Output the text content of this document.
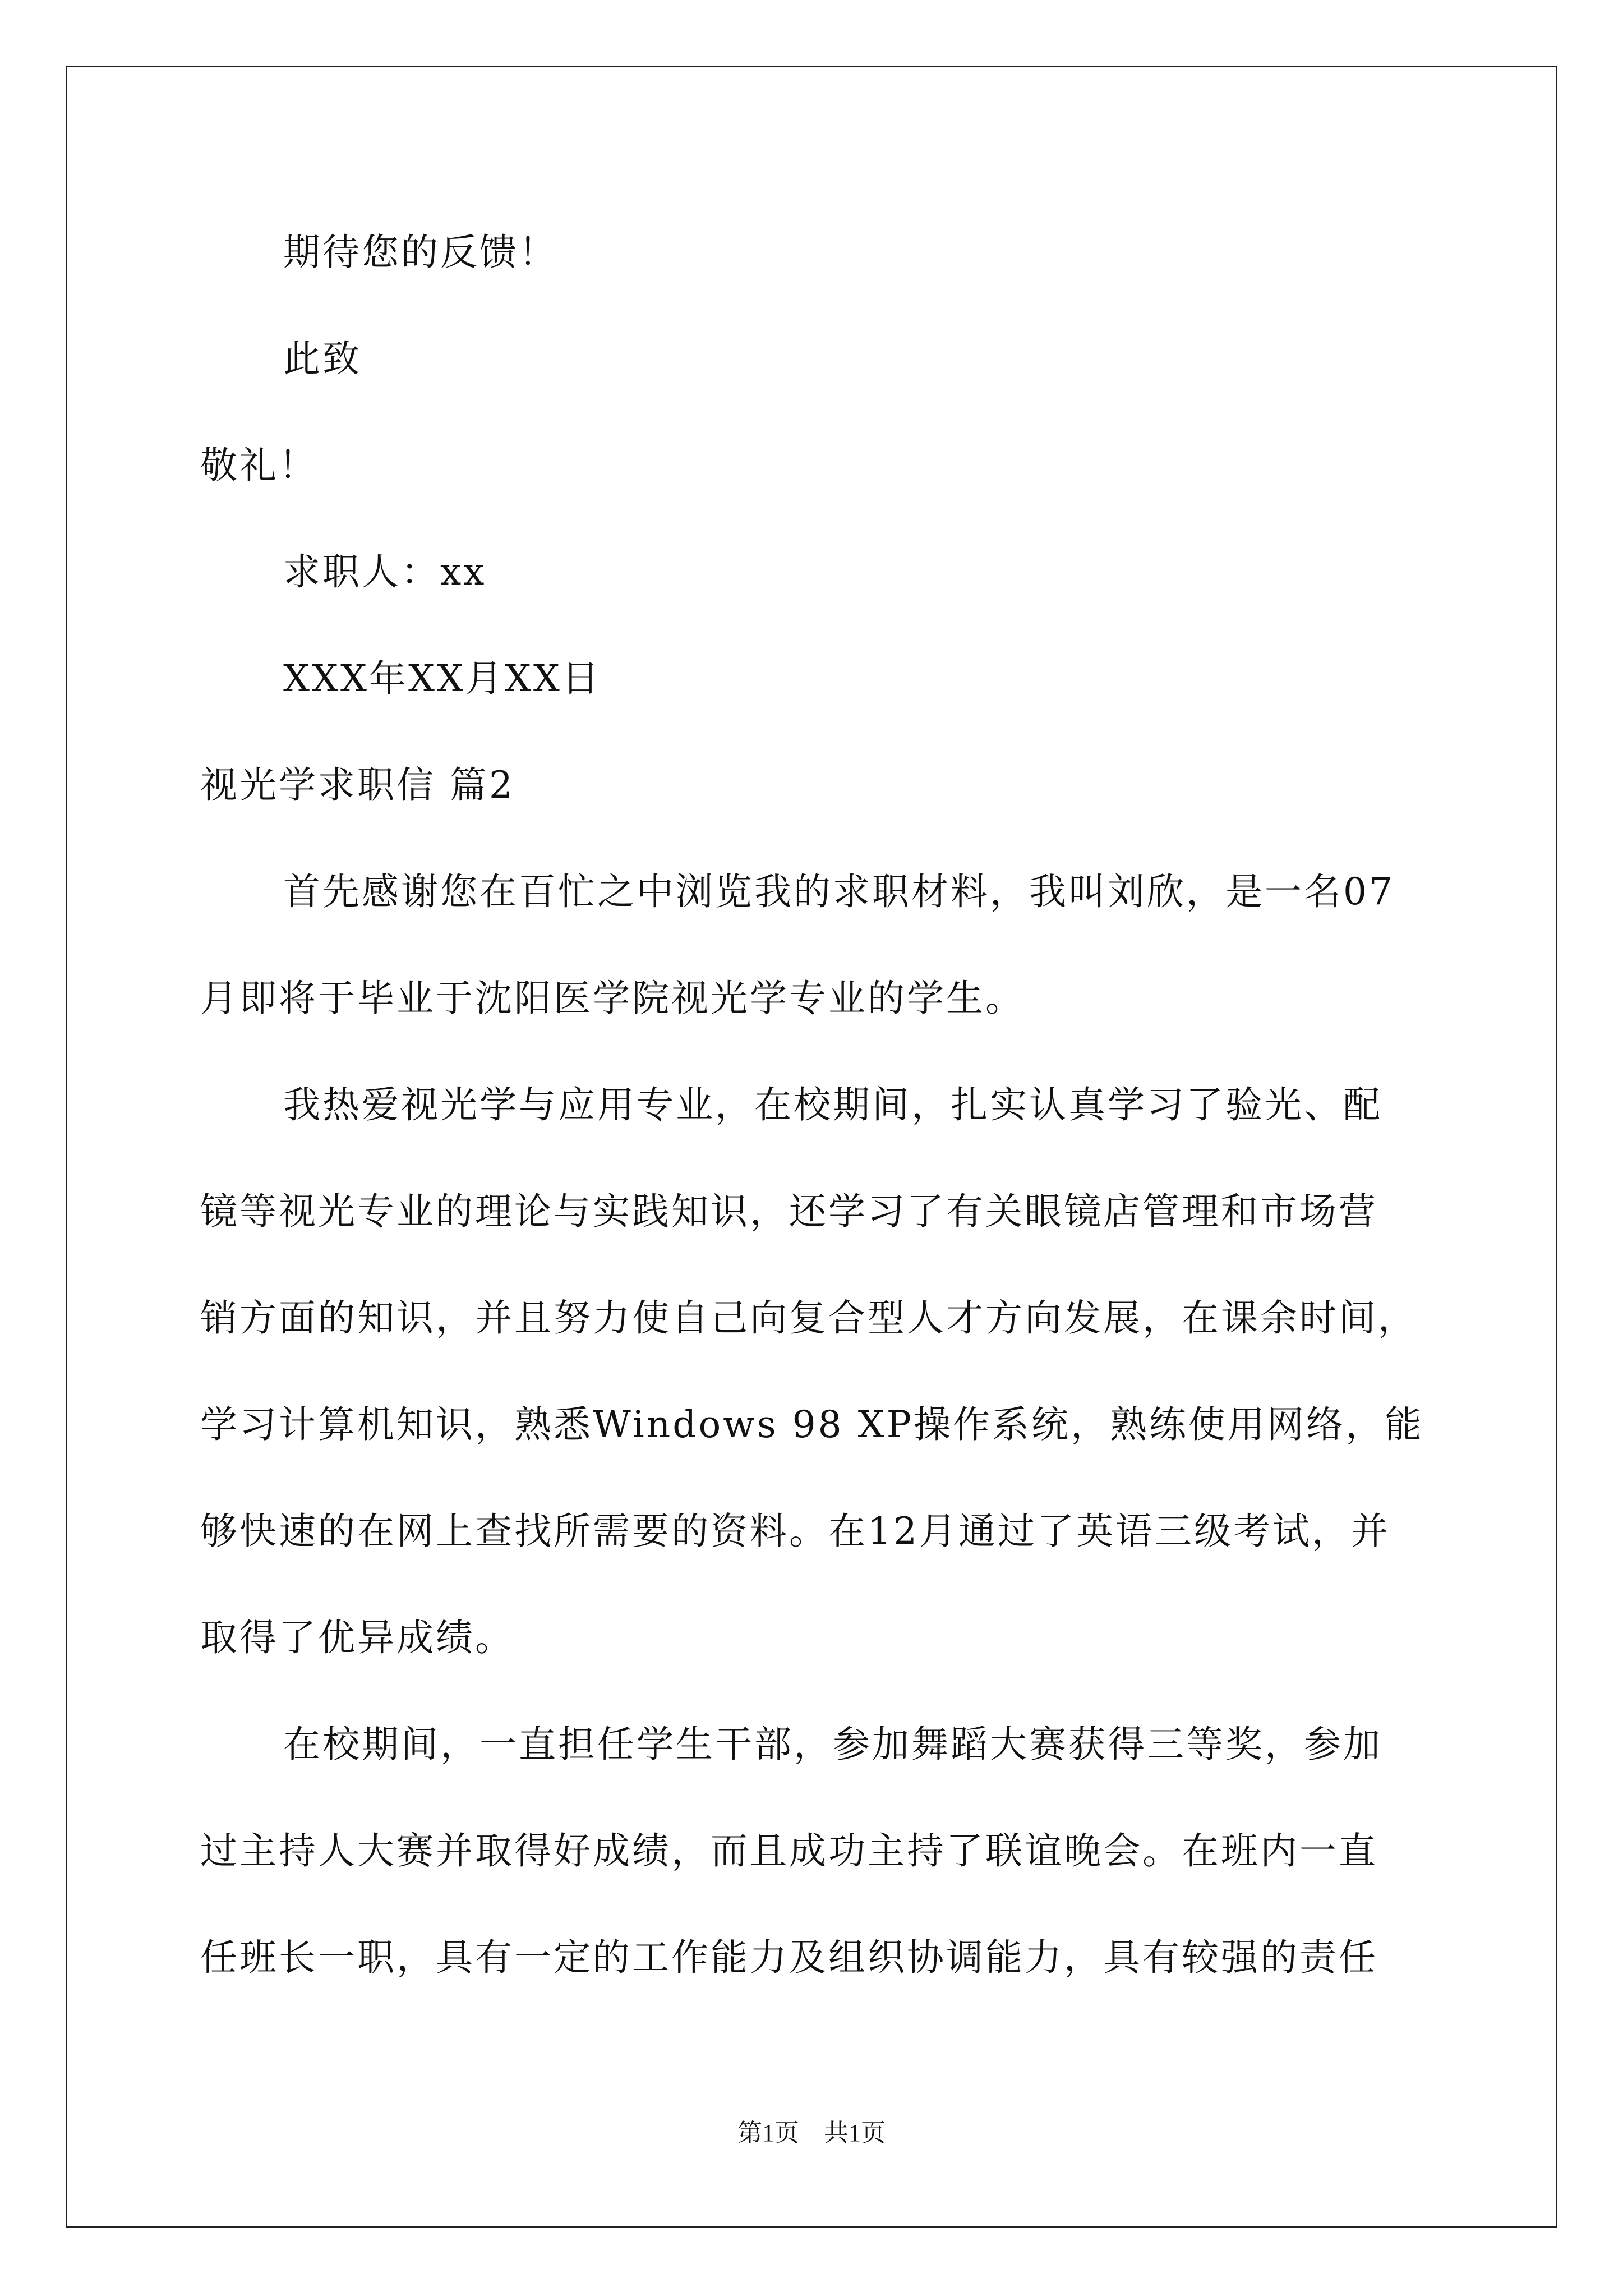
期待您的反馈！
此致
敬礼！
求职人：xx
XXX年XX月XX日
视光学求职信 篇2
首先感谢您在百忙之中浏览我的求职材料，我叫刘欣，是一名07
月即将于毕业于沈阳医学院视光学专业的学生。
我热爱视光学与应用专业，在校期间，扎实认真学习了验光、配
镜等视光专业的理论与实践知识，还学习了有关眼镜店管理和市场营
销方面的知识，并且努力使自己向复合型人才方向发展，在课余时间，
学习计算机知识，熟悉Windows 98 XP操作系统，熟练使用网络，能
够快速的在网上查找所需要的资料。在12月通过了英语三级考试，并
取得了优异成绩。
在校期间，一直担任学生干部，参加舞蹈大赛获得三等奖，参加
过主持人大赛并取得好成绩，而且成功主持了联谊晚会。在班内一直
任班长一职，具有一定的工作能力及组织协调能力，具有较强的责任
第1页　共1页
